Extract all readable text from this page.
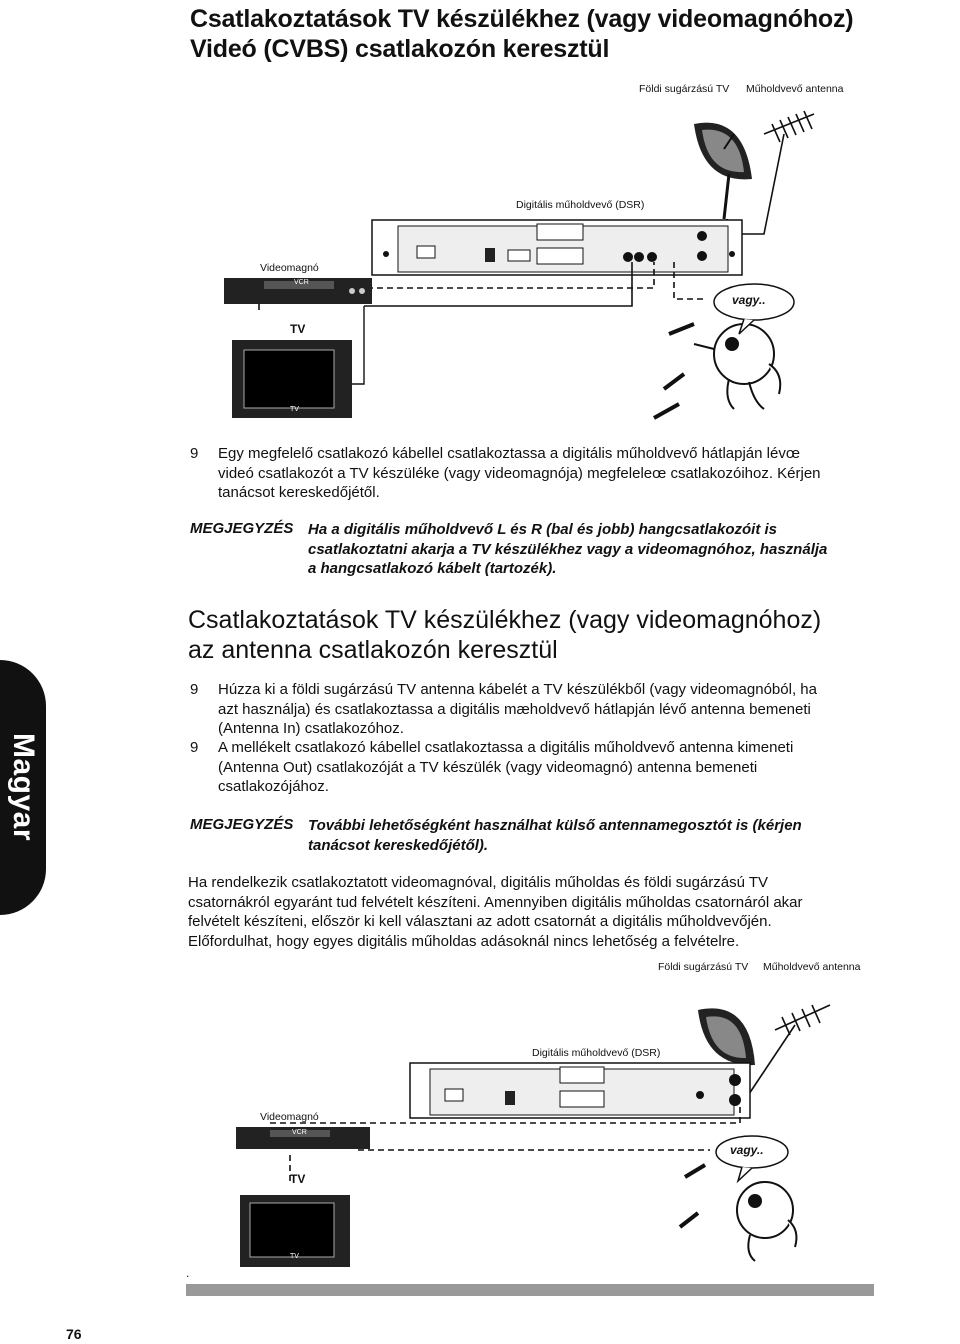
Csatlakoztatások TV készülékhez (vagy videomagnóhoz)
Videó (CVBS) csatlakozón keresztül
Földi sugárzású TV Műholdvevő antenna
Digitális műholdvevő (DSR)
Videomagnó
TV
VCR
TV
vagy..
9 Egy megfelelő csatlakozó kábellel csatlakoztassa a digitális műholdvevő hátlapján lévœ
videó csatlakozót a TV készüléke (vagy videomagnója) megfeleleœ csatlakozóihoz. Kérjen
tanácsot kereskedőjétől.
MEGJEGYZÉS Ha a digitális műholdvevő L és R (bal és jobb) hangcsatlakozóit is
csatlakoztatni akarja a TV készülékhez vagy a videomagnóhoz, használja
a hangcsatlakozó kábelt (tartozék).
Csatlakoztatások TV készülékhez (vagy videomagnóhoz)
az antenna csatlakozón keresztül
Magyar
9 Húzza ki a földi sugárzású TV antenna kábelét a TV készülékből (vagy videomagnóból, ha
azt használja) és csatlakoztassa a digitális mæholdvevő hátlapján lévő antenna bemeneti
(Antenna In) csatlakozóhoz.
9 A mellékelt csatlakozó kábellel csatlakoztassa a digitális műholdvevő antenna kimeneti
(Antenna Out) csatlakozóját a TV készülék (vagy videomagnó) antenna bemeneti
csatlakozójához.
MEGJEGYZÉS További lehetőségként használhat külső antennamegosztót is (kérjen
tanácsot kereskedőjétől).
Ha rendelkezik csatlakoztatott videomagnóval, digitális műholdas és földi sugárzású TV
csatornákról egyaránt tud felvételt készíteni. Amennyiben digitális műholdas csatornáról akar
felvételt készíteni, először ki kell választani az adott csatornát a digitális műholdvevőjén.
Előfordulhat, hogy egyes digitális műholdas adásoknál nincs lehetőség a felvételre.
Földi sugárzású TV Műholdvevő antenna
Digitális műholdvevő (DSR)
Videomagnó
TV
VCR
TV
vagy..
.
76
